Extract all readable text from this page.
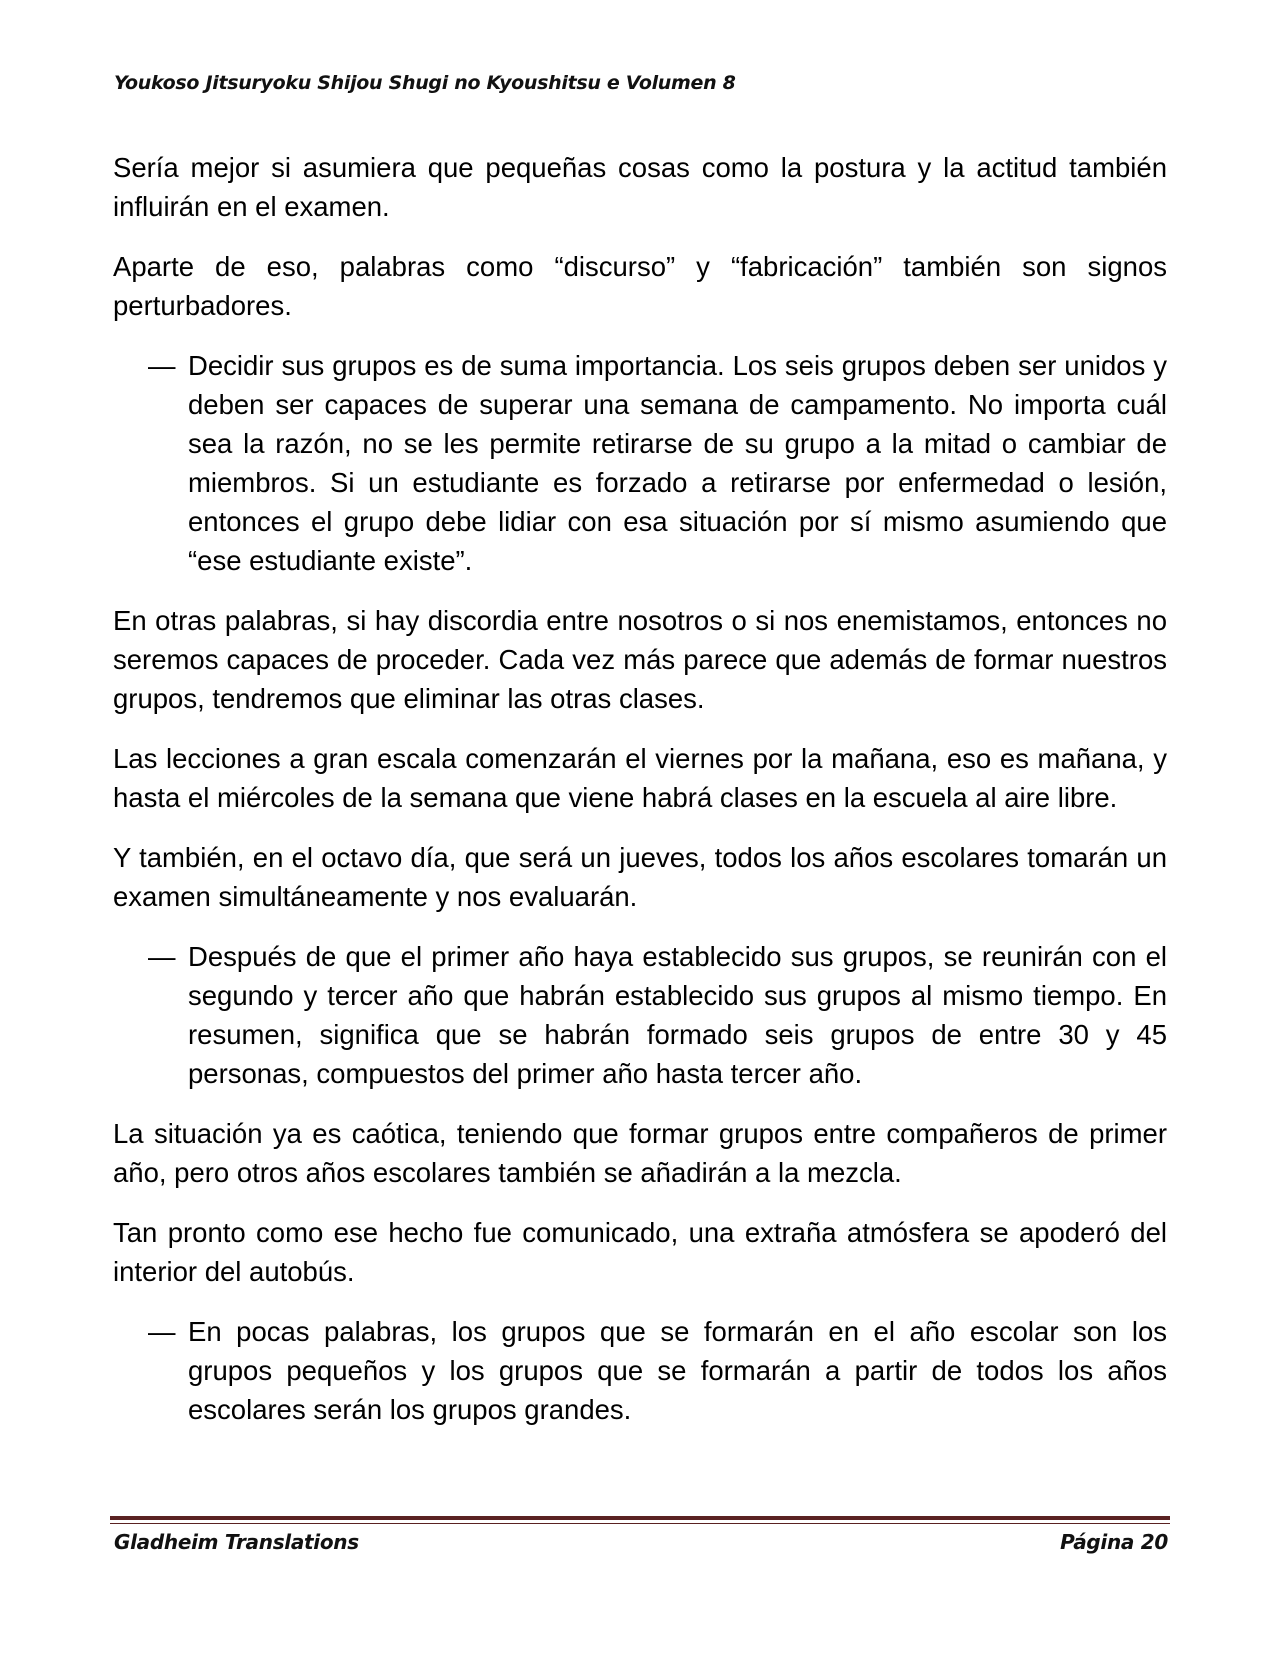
Youkoso Jitsuryoku Shijou Shugi no Kyoushitsu e Volumen 8

Sería mejor si asumiera que pequeñas cosas como la postura y la actitud también influirán en el examen.

Aparte de eso, palabras como “discurso” y “fabricación” también son signos perturbadores.

— Decidir sus grupos es de suma importancia. Los seis grupos deben ser unidos y deben ser capaces de superar una semana de campamento. No importa cuál sea la razón, no se les permite retirarse de su grupo a la mitad o cambiar de miembros. Si un estudiante es forzado a retirarse por enfermedad o lesión, entonces el grupo debe lidiar con esa situación por sí mismo asumiendo que “ese estudiante existe”.

En otras palabras, si hay discordia entre nosotros o si nos enemistamos, entonces no seremos capaces de proceder. Cada vez más parece que además de formar nuestros grupos, tendremos que eliminar las otras clases.

Las lecciones a gran escala comenzarán el viernes por la mañana, eso es mañana, y hasta el miércoles de la semana que viene habrá clases en la escuela al aire libre.

Y también, en el octavo día, que será un jueves, todos los años escolares tomarán un examen simultáneamente y nos evaluarán.

— Después de que el primer año haya establecido sus grupos, se reunirán con el segundo y tercer año que habrán establecido sus grupos al mismo tiempo. En resumen, significa que se habrán formado seis grupos de entre 30 y 45 personas, compuestos del primer año hasta tercer año.

La situación ya es caótica, teniendo que formar grupos entre compañeros de primer año, pero otros años escolares también se añadirán a la mezcla.

Tan pronto como ese hecho fue comunicado, una extraña atmósfera se apoderó del interior del autobús.

— En pocas palabras, los grupos que se formarán en el año escolar son los grupos pequeños y los grupos que se formarán a partir de todos los años escolares serán los grupos grandes.
Gladheim Translations	Página 20
